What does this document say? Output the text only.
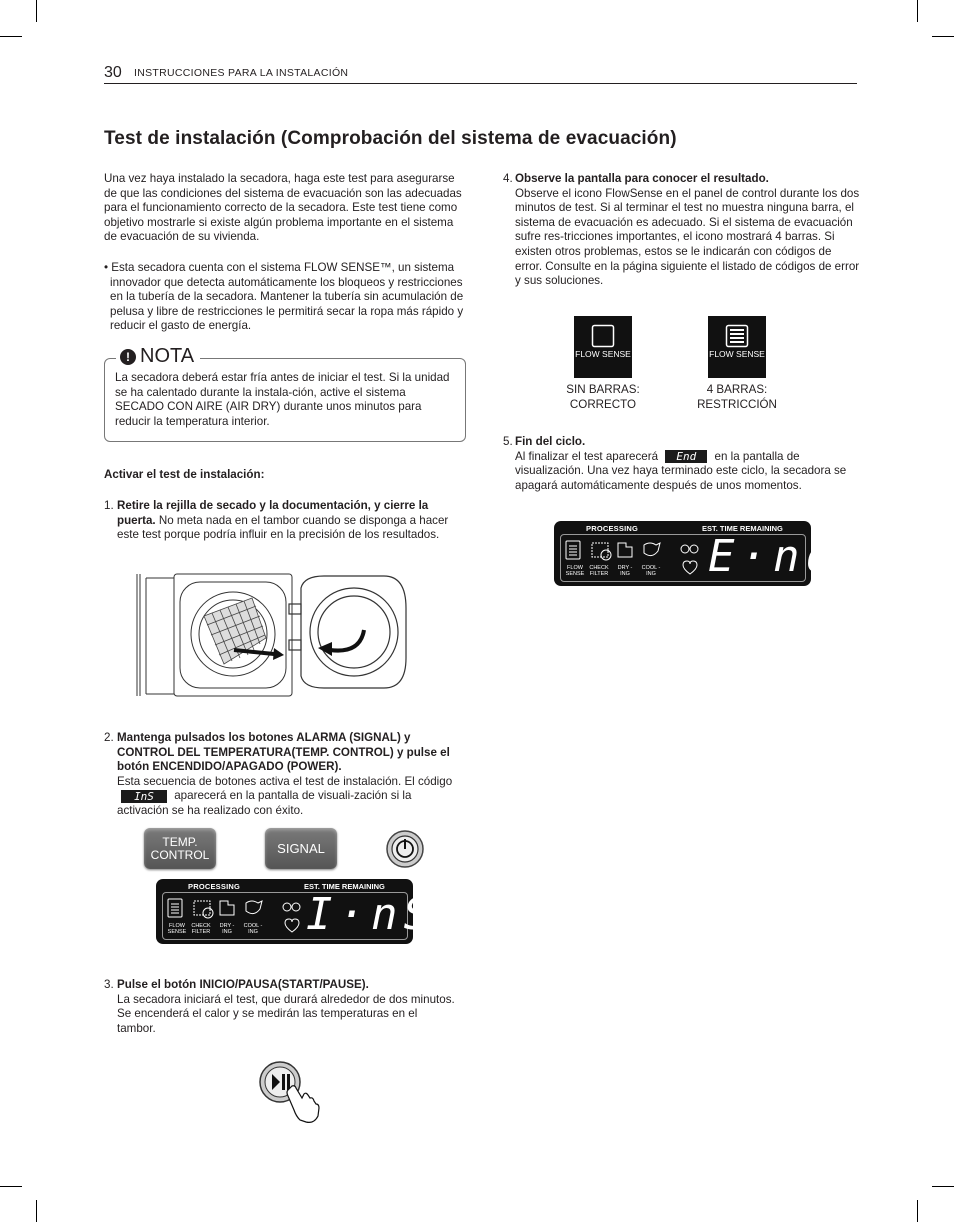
30 INSTRUCCIONES PARA LA INSTALACIÓN
Test de instalación (Comprobación del sistema de evacuación)

Una vez haya instalado la secadora, haga este test para asegurarse de que las condiciones del sistema de evacuación son las adecuadas para el funcionamiento correcto de la secadora. Este test tiene como objetivo mostrarle si existe algún problema importante en el sistema de evacuación de su vivienda.

• Esta secadora cuenta con el sistema FLOW SENSE™, un sistema innovador que detecta automáticamente los bloqueos y restricciones en la tubería de la secadora. Mantener la tubería sin acumulación de pelusa y libre de restricciones le permitirá secar la ropa más rápido y reducir el gasto de energía.

! NOTA

La secadora deberá estar fría antes de iniciar el test. Si la unidad se ha calentado durante la instala-ción, active el sistema SECADO CON AIRE (AIR DRY) durante unos minutos para reducir la temperatura interior.

Activar el test de instalación:

1. Retire la rejilla de secado y la documentación, y cierre la puerta. No meta nada en el tambor cuando se disponga a hacer este test porque podría influir en la precisión de los resultados.

2. Mantenga pulsados los botones ALARMA (SIGNAL) y CONTROL DEL TEMPERATURA(TEMP. CONTROL) y pulse el botón ENCENDIDO/APAGADO (POWER).
Esta secuencia de botones activa el test de instalación. El código InS aparecerá en la pantalla de visuali-zación si la activación se ha realizado con éxito.

TEMP.
CONTROL	SIGNAL
PROCESSING	EST. TIME REMAINING
FLOW SENSE
CHECK FILTER
DRY -ING
COOL -ING I·nS
3. Pulse el botón INICIO/PAUSA(START/PAUSE).
La secadora iniciará el test, que durará alrededor de dos minutos. Se encenderá el calor y se medirán las temperaturas en el tambor.

4. Observe la pantalla para conocer el resultado.
Observe el icono FlowSense en el panel de control durante los dos minutos de test. Si al terminar el test no muestra ninguna barra, el sistema de evacuación es adecuado. Si el sistema de evacuación sufre res-tricciones importantes, el icono mostrará 4 barras. Si existen otros problemas, estos se le indicarán con códigos de error. Consulte en la página siguiente el listado de códigos de error y sus soluciones.

FLOW SENSE	FLOW SENSE
SIN BARRAS:
CORRECTO
4 BARRAS:
RESTRICCIÓN
5. Fin del ciclo.
Al finalizar el test aparecerá End en la pantalla de visualización. Una vez haya terminado este ciclo, la secadora se apagará automáticamente después de unos momentos.

PROCESSING	EST. TIME REMAINING
FLOW SENSE
CHECK FILTER
DRY -ING
COOL -ING E·nd
